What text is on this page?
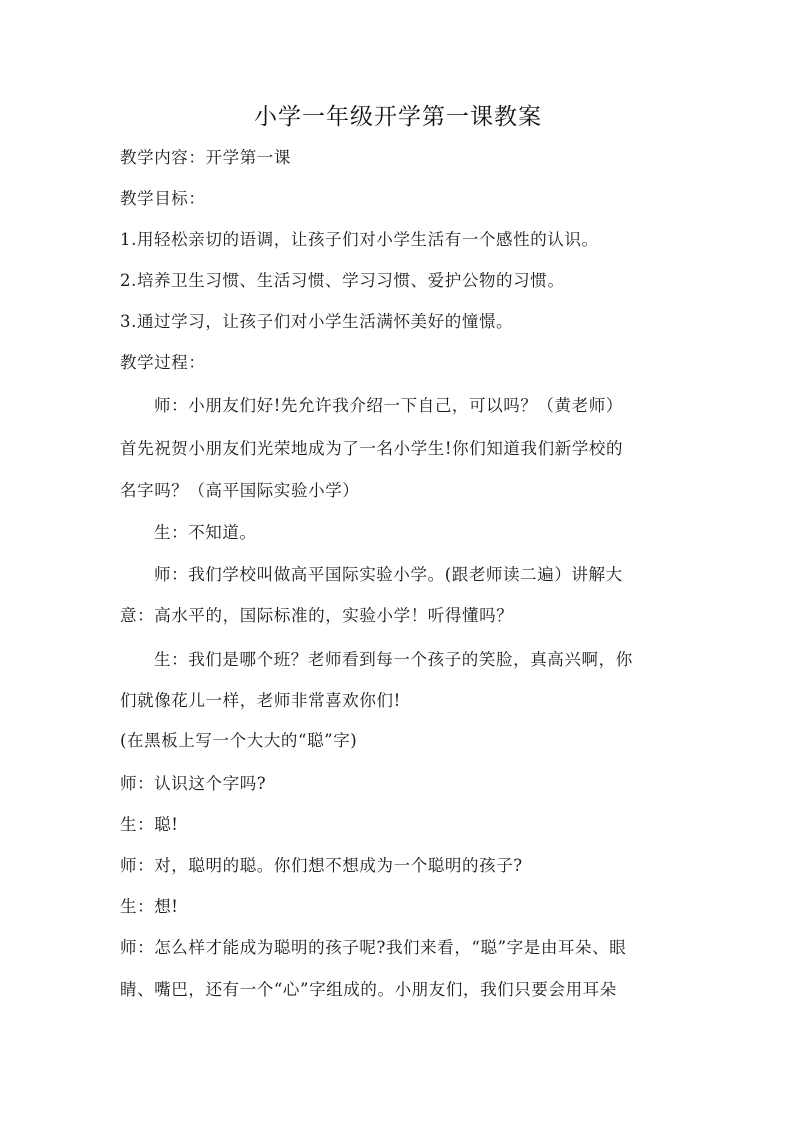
小学一年级开学第一课教案
教学内容：开学第一课
教学目标：
1.用轻松亲切的语调，让孩子们对小学生活有一个感性的认识。
2.培养卫生习惯、生活习惯、学习习惯、爱护公物的习惯。
3.通过学习，让孩子们对小学生活满怀美好的憧憬。
教学过程：
师：小朋友们好!先允许我介绍一下自己，可以吗？（黄老师）
首先祝贺小朋友们光荣地成为了一名小学生!你们知道我们新学校的
名字吗？（高平国际实验小学）
生：不知道。
师：我们学校叫做高平国际实验小学。(跟老师读二遍）讲解大
意：高水平的，国际标准的，实验小学！听得懂吗？
生：我们是哪个班？老师看到每一个孩子的笑脸，真高兴啊，你
们就像花儿一样，老师非常喜欢你们!
(在黑板上写一个大大的“聪”字)
师：认识这个字吗?
生：聪!
师：对，聪明的聪。你们想不想成为一个聪明的孩子?
生：想!
师：怎么样才能成为聪明的孩子呢?我们来看，“聪”字是由耳朵、眼
睛、嘴巴，还有一个“心”字组成的。小朋友们，我们只要会用耳朵
